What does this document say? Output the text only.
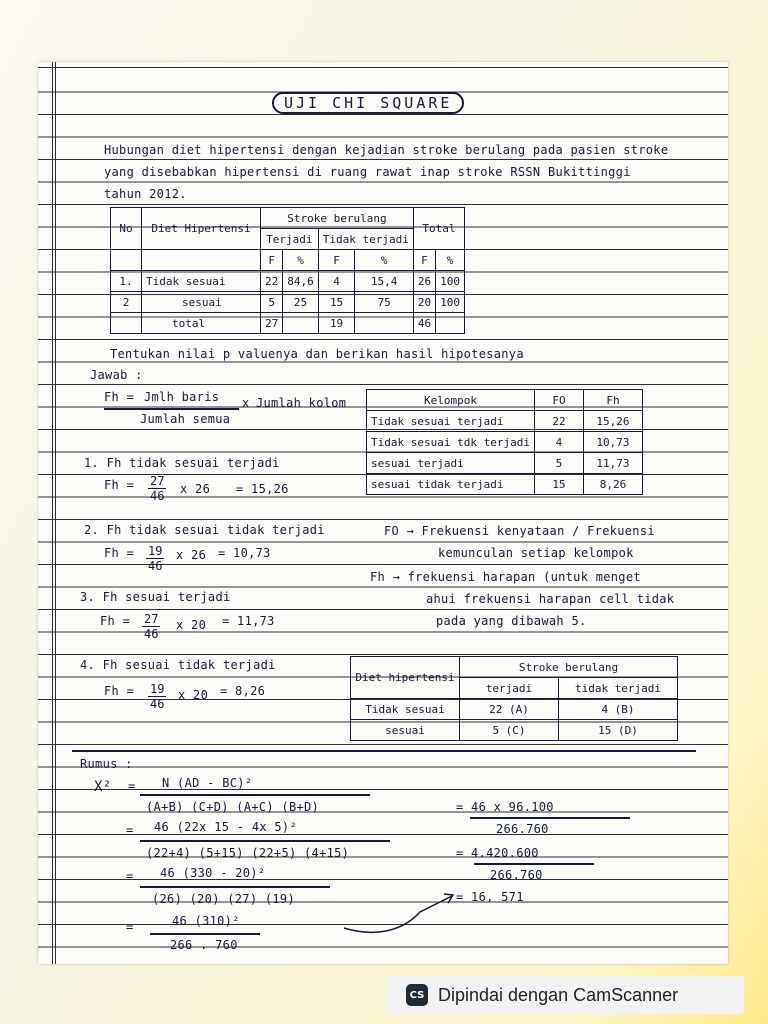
UJI CHI SQUARE
Hubungan diet hipertensi dengan kejadian stroke berulang pada pasien stroke
yang disebabkan hipertensi di ruang rawat inap stroke RSSN Bukittinggi
tahun 2012.
No	Diet Hipertensi	Stroke berulang				Total	
		Terjadi		Tidak terjadi			
		F	%	F	%	F	%
1.	Tidak sesuai	22	84,6	4	15,4	26	100
2	sesuai	5	25	15	75	20	100
	total	27		19		46	
Tentukan nilai p valuenya dan berikan hasil hipotesanya
Jawab :
Fh = Jmlh baris x Jumlah kolom
Jumlah semua
Kelompok	FO	Fh
Tidak sesuai terjadi	22	15,26
Tidak sesuai tdk terjadi	4	10,73
sesuai terjadi	5	11,73
sesuai tidak terjadi	15	8,26
1. Fh tidak sesuai terjadi
$Fh = \frac{27}{46}$ x 26 = 15,26
2. Fh tidak sesuai tidak terjadi
$Fh = \frac{19}{46}$ x 26 = 10,73
3. Fh sesuai terjadi
$Fh = \frac{27}{46}$ x 20 = 11,73
4. Fh sesuai tidak terjadi
$Fh = \frac{19}{46}$ x 20 = 8,26
FO → Frekuensi kenyataan / Frekuensi
kemunculan setiap kelompok
Fh → frekuensi harapan (untuk menget
ahui frekuensi harapan cell tidak
pada yang dibawah 5.
Diet hipertensi	Stroke berulang	
	terjadi	tidak terjadi
Tidak sesuai	22 (A)	4 (B)
sesuai	5 (C)	15 (D)
Rumus :
X² = N (AD - BC)²
(A+B) (C+D) (A+C) (B+D)
= 46 (22x 15 - 4x 5)²
(22+4) (5+15) (22+5) (4+15)
= 46 (330 - 20)²
(26) (20) (27) (19)
=	46 (310)²
266 . 760
= 46 x 96.100
266.760
= 4.420.600
266.760
= 16, 571
CS Dipindai dengan CamScanner
